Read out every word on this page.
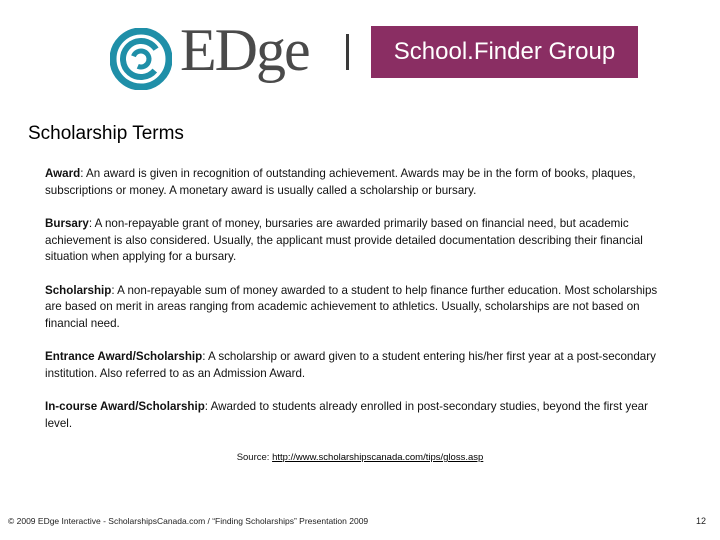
EDge	School.Finder Group
Scholarship Terms
Award: An award is given in recognition of outstanding achievement. Awards may be in the form of books, plaques, subscriptions or money. A monetary award is usually called a scholarship or bursary.
Bursary: A non-repayable grant of money, bursaries are awarded primarily based on financial need, but academic achievement is also considered. Usually, the applicant must provide detailed documentation describing their financial situation when applying for a bursary.
Scholarship: A non-repayable sum of money awarded to a student to help finance further education. Most scholarships are based on merit in areas ranging from academic achievement to athletics. Usually, scholarships are not based on financial need.
Entrance Award/Scholarship: A scholarship or award given to a student entering his/her first year at a post-secondary institution. Also referred to as an Admission Award.
In-course Award/Scholarship: Awarded to students already enrolled in post-secondary studies, beyond the first year level.
Source: http://www.scholarshipscanada.com/tips/gloss.asp
© 2009 EDge Interactive - ScholarshipsCanada.com / “Finding Scholarships” Presentation 2009	12
